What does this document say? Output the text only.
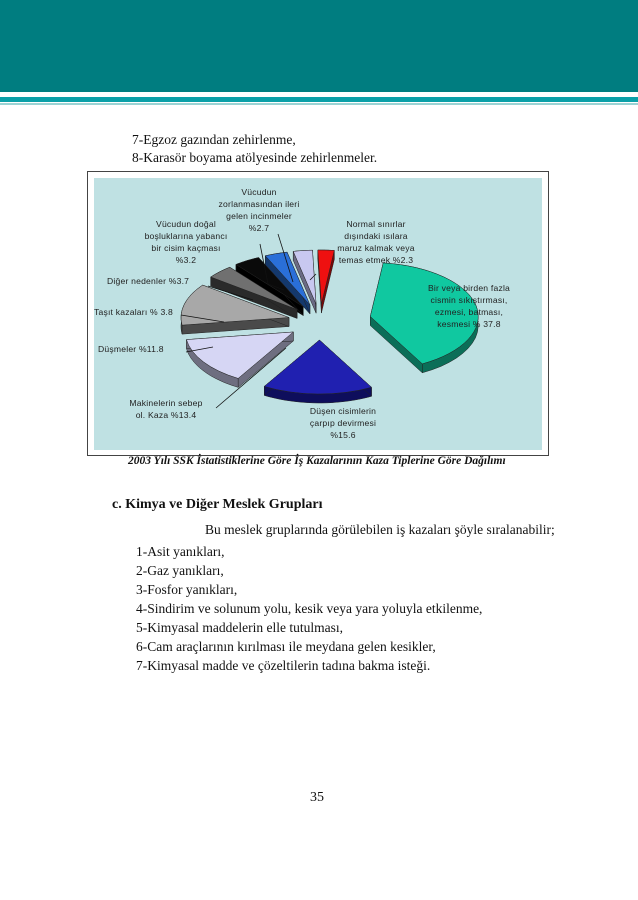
7-Egzoz gazından zehirlenme,
8-Karasör boyama atölyesinde zehirlenmeler.
Bir veya birden fazla
cismin sıkıştırması,
ezmesi, batması,
kesmesi % 37.8
Düşen cisimlerin
çarpıp devirmesi
%15.6
Makinelerin sebep
ol. Kaza %13.4
Düşmeler %11.8
Taşıt kazaları % 3.8
Diğer nedenler %3.7
Vücudun doğal
boşluklarına yabancı
bir cisim kaçması
%3.2
Vücudun
zorlanmasından ileri
gelen incinmeler
%2.7	Normal sınırlar
dışındaki ısılara
maruz kalmak veya
temas etmek %2.3
2003 Yılı SSK İstatistiklerine Göre İş Kazalarının Kaza Tiplerine Göre Dağılımı
c. Kimya ve Diğer Meslek Grupları
Bu meslek gruplarında görülebilen iş kazaları şöyle sıralanabilir;
1-Asit yanıkları,
2-Gaz yanıkları,
3-Fosfor yanıkları,
4-Sindirim ve solunum yolu, kesik veya yara yoluyla etkilenme,
5-Kimyasal maddelerin elle tutulması,
6-Cam araçlarının kırılması ile meydana gelen kesikler,
7-Kimyasal madde ve çözeltilerin tadına bakma isteği.
35
